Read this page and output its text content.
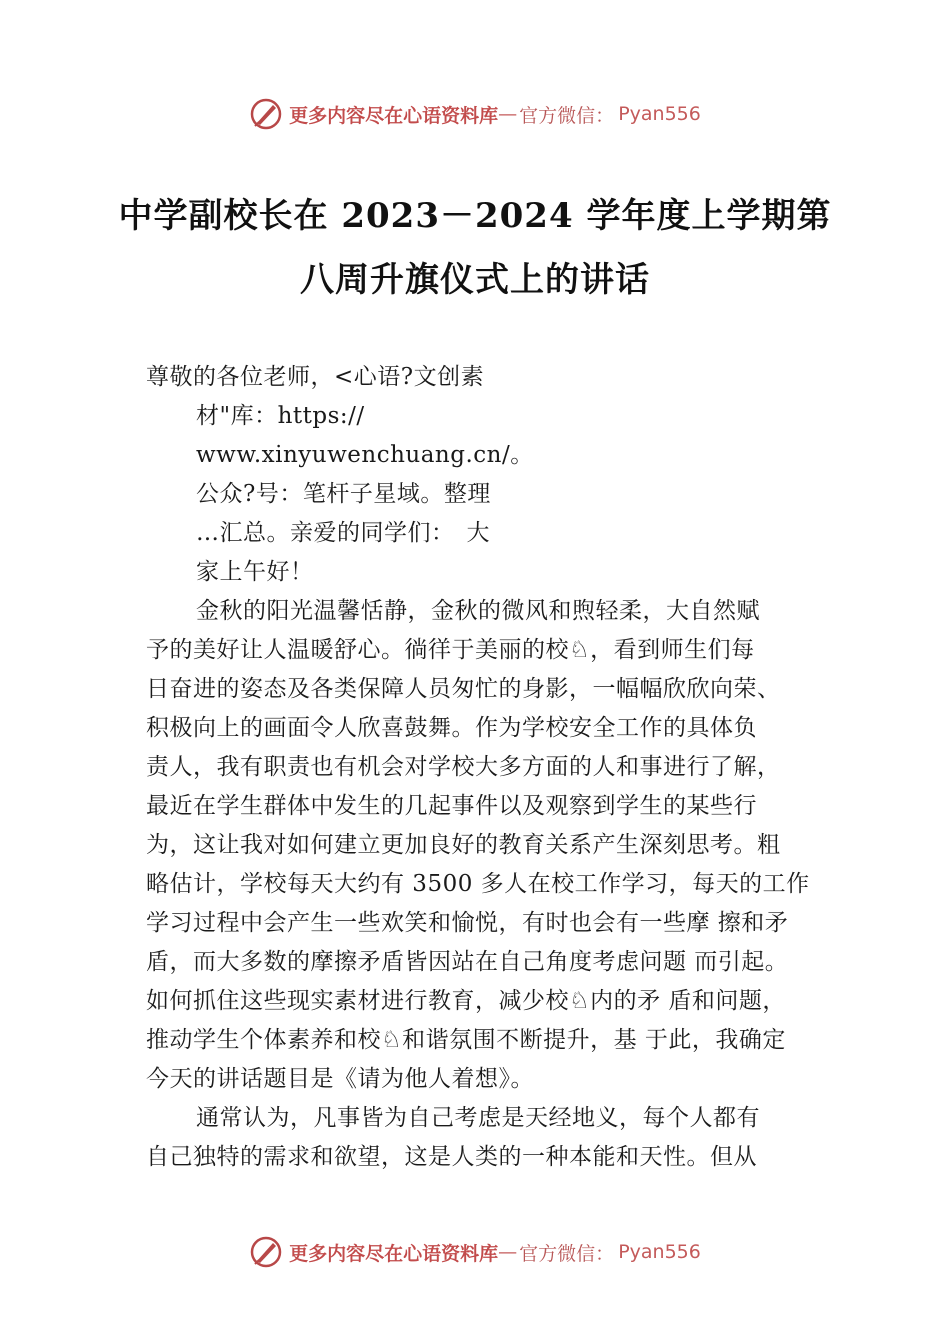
更多内容尽在心语资料库 — 官方微信： Pyan556
中学副校长在 2023－2024 学年度上学期第
八周升旗仪式上的讲话
尊敬的各位老师，<心语?文创素
材"库：https://
www.xinyuwenchuang.cn/。
公众?号：笔杆子星域。整理
…汇总。亲爱的同学们：　大
家上午好！
金秋的阳光温馨恬静，金秋的微风和煦轻柔，大自然赋
予的美好让人温暖舒心。徜徉于美丽的校♘，看到师生们每
日奋进的姿态及各类保障人员匆忙的身影，一幅幅欣欣向荣、
积极向上的画面令人欣喜鼓舞。作为学校安全工作的具体负
责人，我有职责也有机会对学校大多方面的人和事进行了解，
最近在学生群体中发生的几起事件以及观察到学生的某些行
为，这让我对如何建立更加良好的教育关系产生深刻思考。粗
略估计，学校每天大约有 3500 多人在校工作学习，每天的工作
学习过程中会产生一些欢笑和愉悦，有时也会有一些摩 擦和矛
盾，而大多数的摩擦矛盾皆因站在自己角度考虑问题 而引起。
如何抓住这些现实素材进行教育，减少校♘内的矛 盾和问题，
推动学生个体素养和校♘和谐氛围不断提升，基 于此，我确定
今天的讲话题目是《请为他人着想》。
通常认为，凡事皆为自己考虑是天经地义，每个人都有
自己独特的需求和欲望，这是人类的一种本能和天性。但从
更多内容尽在心语资料库 — 官方微信： Pyan556
